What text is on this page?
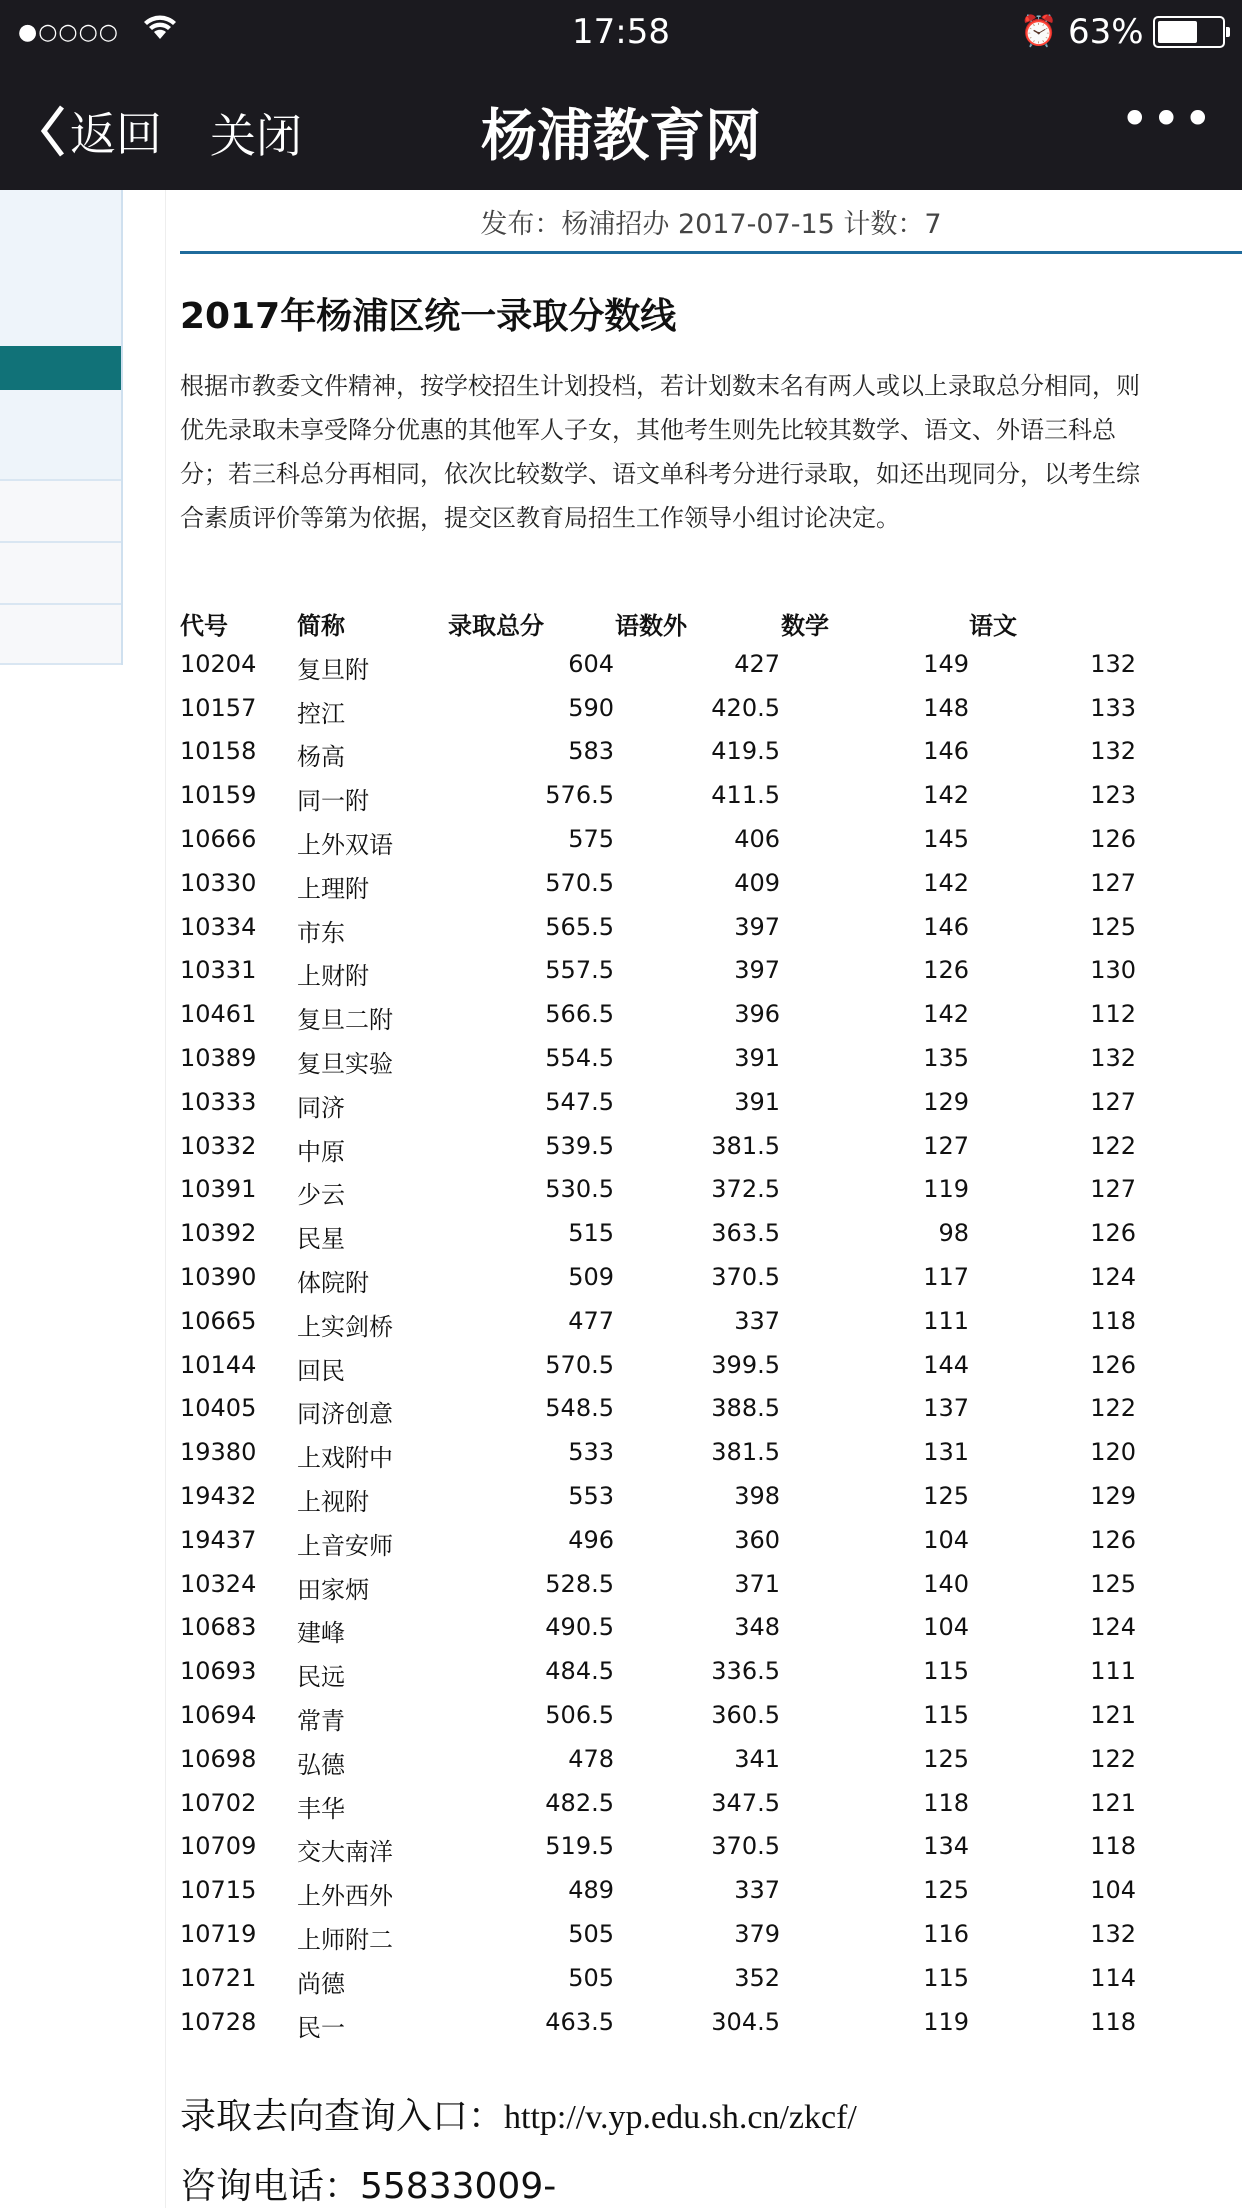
●○○○○	17:58	⏰ 63%
返回 关闭	杨浦教育网	•••
发布：杨浦招办 2017-07-15 计数：7
2017年杨浦区统一录取分数线

根据市教委文件精神，按学校招生计划投档，若计划数末名有两人或以上录取总分相同，则优先录取未享受降分优惠的其他军人子女，其他考生则先比较其数学、语文、外语三科总分；若三科总分再相同，依次比较数学、语文单科考分进行录取，如还出现同分，以考生综合素质评价等第为依据，提交区教育局招生工作领导小组讨论决定。

代号	简称	录取总分	语数外	数学	语文
10204 复旦附	604	427	149	132
10157 控江	590	420.5	148	133
10158 杨高	583	419.5	146	132
10159 同一附	576.5	411.5	142	123
10666 上外双语	575	406	145	126
10330 上理附	570.5	409	142	127
10334 市东	565.5	397	146	125
10331 上财附	557.5	397	126	130
10461 复旦二附	566.5	396	142	112
10389 复旦实验	554.5	391	135	132
10333 同济	547.5	391	129	127
10332 中原	539.5	381.5	127	122
10391 少云	530.5	372.5	119	127
10392 民星	515	363.5	98	126
10390 体院附	509	370.5	117	124
10665 上实剑桥	477	337	111	118
10144 回民	570.5	399.5	144	126
10405 同济创意	548.5	388.5	137	122
19380 上戏附中	533	381.5	131	120
19432 上视附	553	398	125	129
19437 上音安师	496	360	104	126
10324 田家炳	528.5	371	140	125
10683 建峰	490.5	348	104	124
10693 民远	484.5	336.5	115	111
10694 常青	506.5	360.5	115	121
10698 弘德	478	341	125	122
10702 丰华	482.5	347.5	118	121
10709 交大南洋	519.5	370.5	134	118
10715 上外西外	489	337	125	104
10719 上师附二	505	379	116	132
10721 尚德	505	352	115	114
10728 民一	463.5	304.5	119	118
录取去向查询入口：http://v.yp.edu.sh.cn/zkcf/
咨询电话：55833009-
